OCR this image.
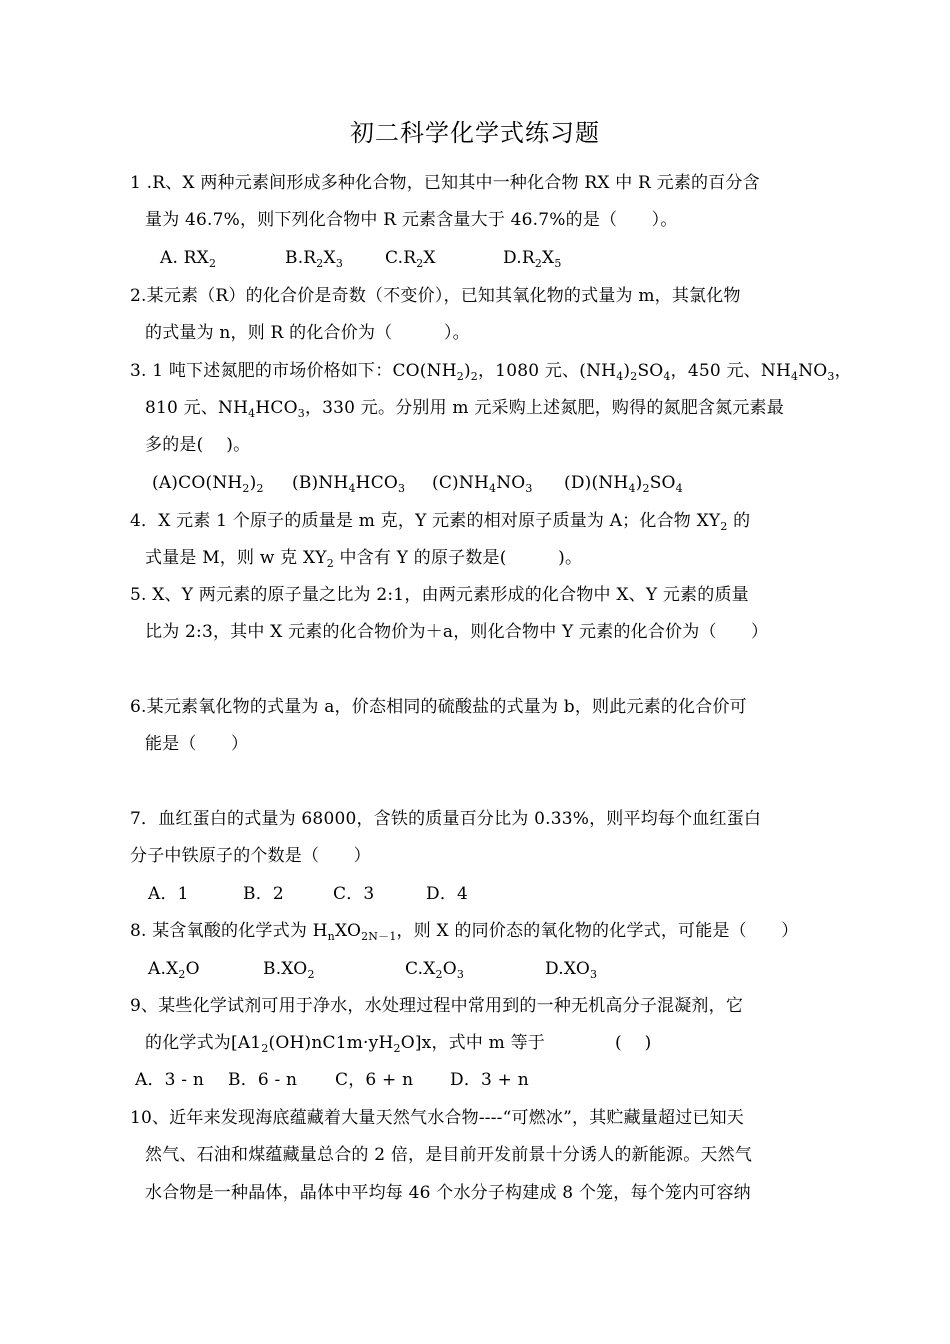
初二科学化学式练习题
1 .R、X 两种元素间形成多种化合物，已知其中一种化合物 RX 中 R 元素的百分含
量为 46.7%，则下列化合物中 R 元素含量大于 46.7%的是（　　）。
A. $RX_2$	$B.R_2X_3$ $C.R_2X$	$D.R_2X_5$
2.某元素（R）的化合价是奇数（不变价），已知其氧化物的式量为 m，其氯化物
的式量为 n，则 R 的化合价为（　　　）。
3. 1 吨下述氮肥的市场价格如下：$CO(NH_2)_2$，1080 元、$(NH_4)_2SO_4$，450 元、$NH_4NO_3$，
810 元、$NH_4HCO_3$，330 元。分别用 m 元采购上述氮肥，购得的氮肥含氮元素最
多的是(　 )。
$(A)CO(NH_2)_2$ $(B)NH_4HCO_3$ $(C)NH_4NO_3$ $(D)(NH_4)_2SO_4$
4．X 元素 1 个原子的质量是 m 克，Y 元素的相对原子质量为 A；化合物 $XY_2$ 的
式量是 M，则 w 克 $XY_2$ 中含有 Y 的原子数是(　　　)。
5. X、Y 两元素的原子量之比为 2:1，由两元素形成的化合物中 X、Y 元素的质量
比为 2:3，其中 X 元素的化合物价为＋a，则化合物中 Y 元素的化合价为（　　）
6.某元素氧化物的式量为 a，价态相同的硫酸盐的式量为 b，则此元素的化合价可
能是（　　）
7．血红蛋白的式量为 68000，含铁的质量百分比为 0.33%，则平均每个血红蛋白
分子中铁原子的个数是（　　）
A．1	B．2	C．3	D．4
8. 某含氧酸的化学式为 $H_nXO_{2N-1}$，则 X 的同价态的氧化物的化学式，可能是（　　）
$A.X_2O$	$B.XO_2$	$C.X_2O_3$	$D.XO_3$
9、某些化学试剂可用于净水，水处理过程中常用到的一种无机高分子混凝剂，它
的化学式为$[A1_2(OH)nC1m\cdot yH_2O]x$，式中 m 等于	(　 )
A．3 - n B．6 - n C，6 + n D．3 + n
10、近年来发现海底蕴藏着大量天然气水合物----“可燃冰”，其贮藏量超过已知天
然气、石油和煤蕴藏量总合的 2 倍，是目前开发前景十分诱人的新能源。天然气
水合物是一种晶体，晶体中平均每 46 个水分子构建成 8 个笼，每个笼内可容纳
